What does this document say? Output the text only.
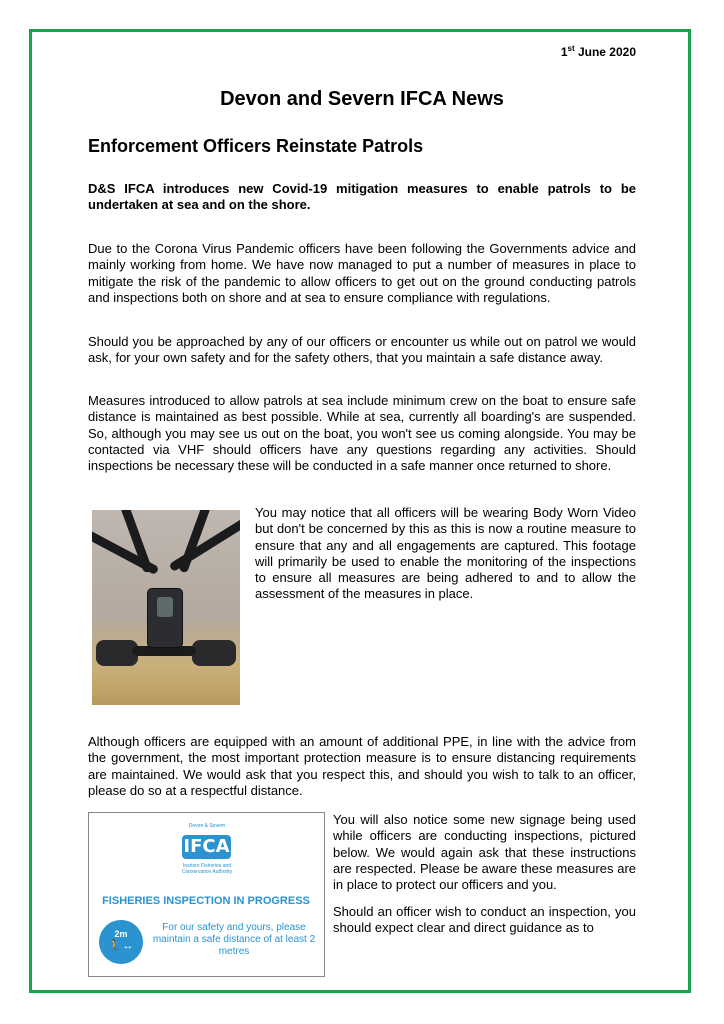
1st June 2020
Devon and Severn IFCA News
Enforcement Officers Reinstate Patrols

D&S IFCA introduces new Covid-19 mitigation measures to enable patrols to be undertaken at sea and on the shore.

Due to the Corona Virus Pandemic officers have been following the Governments advice and mainly working from home. We have now managed to put a number of measures in place to mitigate the risk of the pandemic to allow officers to get out on the ground conducting patrols and inspections both on shore and at sea to ensure compliance with regulations.

Should you be approached by any of our officers or encounter us while out on patrol we would ask, for your own safety and for the safety others, that you maintain a safe distance away.

Measures introduced to allow patrols at sea include minimum crew on the boat to ensure safe distance is maintained as best possible. While at sea, currently all boarding's are suspended. So, although you may see us out on the boat, you won't see us coming alongside. You may be contacted via VHF should officers have any questions regarding any activities. Should inspections be necessary these will be conducted in a safe manner once returned to shore.

You may notice that all officers will be wearing Body Worn Video but don't be concerned by this as this is now a routine measure to ensure that any and all engagements are captured. This footage will primarily be used to enable the monitoring of the inspections to ensure all measures are being adhered to and to allow the assessment of the measures in place.

Although officers are equipped with an amount of additional PPE, in line with the advice from the government, the most important protection measure is to ensure distancing requirements are maintained. We would ask that you respect this, and should you wish to talk to an officer, please do so at a respectful distance.

Devon & Severn
IFCA
Inshore Fisheries and Conservation Authority
FISHERIES INSPECTION IN PROGRESS
2m
🚶↔
For our safety and yours, please maintain a safe distance of at least 2 metres

You will also notice some new signage being used while officers are conducting inspections, pictured below. We would again ask that these instructions are respected. Please be aware these measures are in place to protect our officers and you.

Should an officer wish to conduct an inspection, you should expect clear and direct guidance as to
